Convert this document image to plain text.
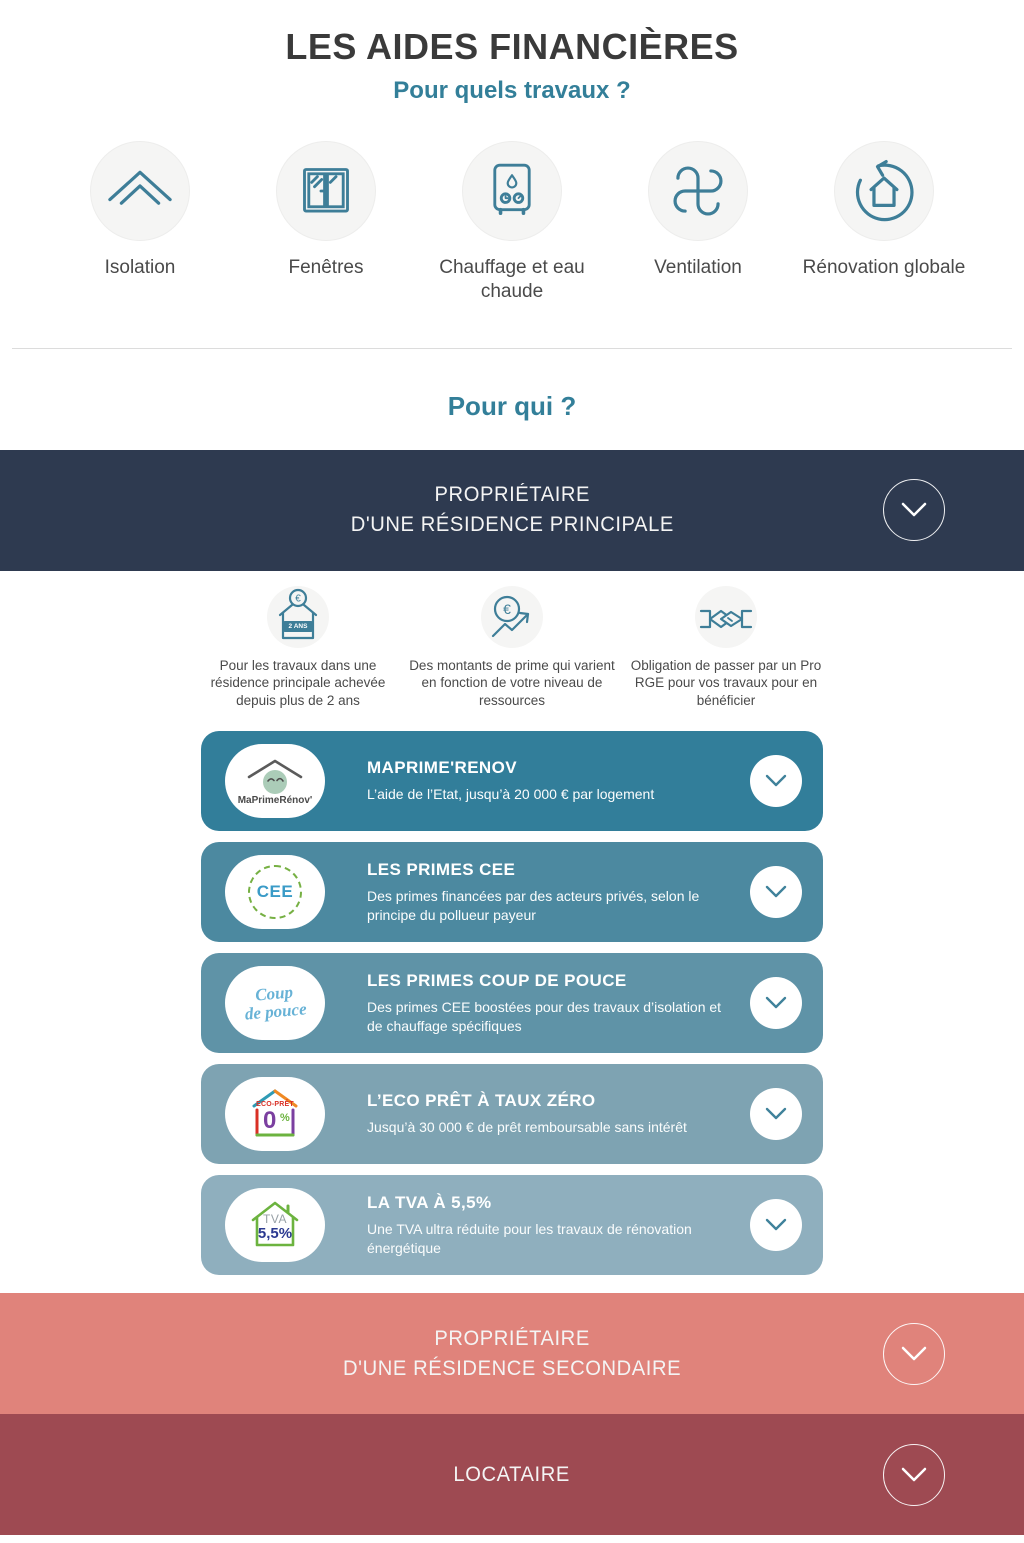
LES AIDES FINANCIÈRES
Pour quels travaux ?
Isolation	Fenêtres	Chauffage et eau chaude
Ventilation	Rénovation globale
Pour qui ?
PROPRIÉTAIRE
D'UNE RÉSIDENCE PRINCIPALE
€
2 ANS
Pour les travaux dans une résidence principale achevée depuis plus de 2 ans
€
Des montants de prime qui varient en fonction de votre niveau de ressources
Obligation de passer par un Pro RGE pour vos travaux pour en bénéficier
MaPrimeRénov'
MAPRIME'RENOV
L’aide de l’Etat, jusqu’à 20 000 € par logement
CEE
LES PRIMES CEE
Des primes financées par des acteurs privés, selon le principe du pollueur payeur
Coup
de pouce
LES PRIMES COUP DE POUCE
Des primes CEE boostées pour des travaux d’isolation et de chauffage spécifiques
ECO-PRÊT
0 %
L’ECO PRÊT À TAUX ZÉRO
Jusqu’à 30 000 € de prêt remboursable sans intérêt
TVA
5,5%
LA TVA À 5,5%
Une TVA ultra réduite pour les travaux de rénovation énergétique
PROPRIÉTAIRE
D'UNE RÉSIDENCE SECONDAIRE
LOCATAIRE
